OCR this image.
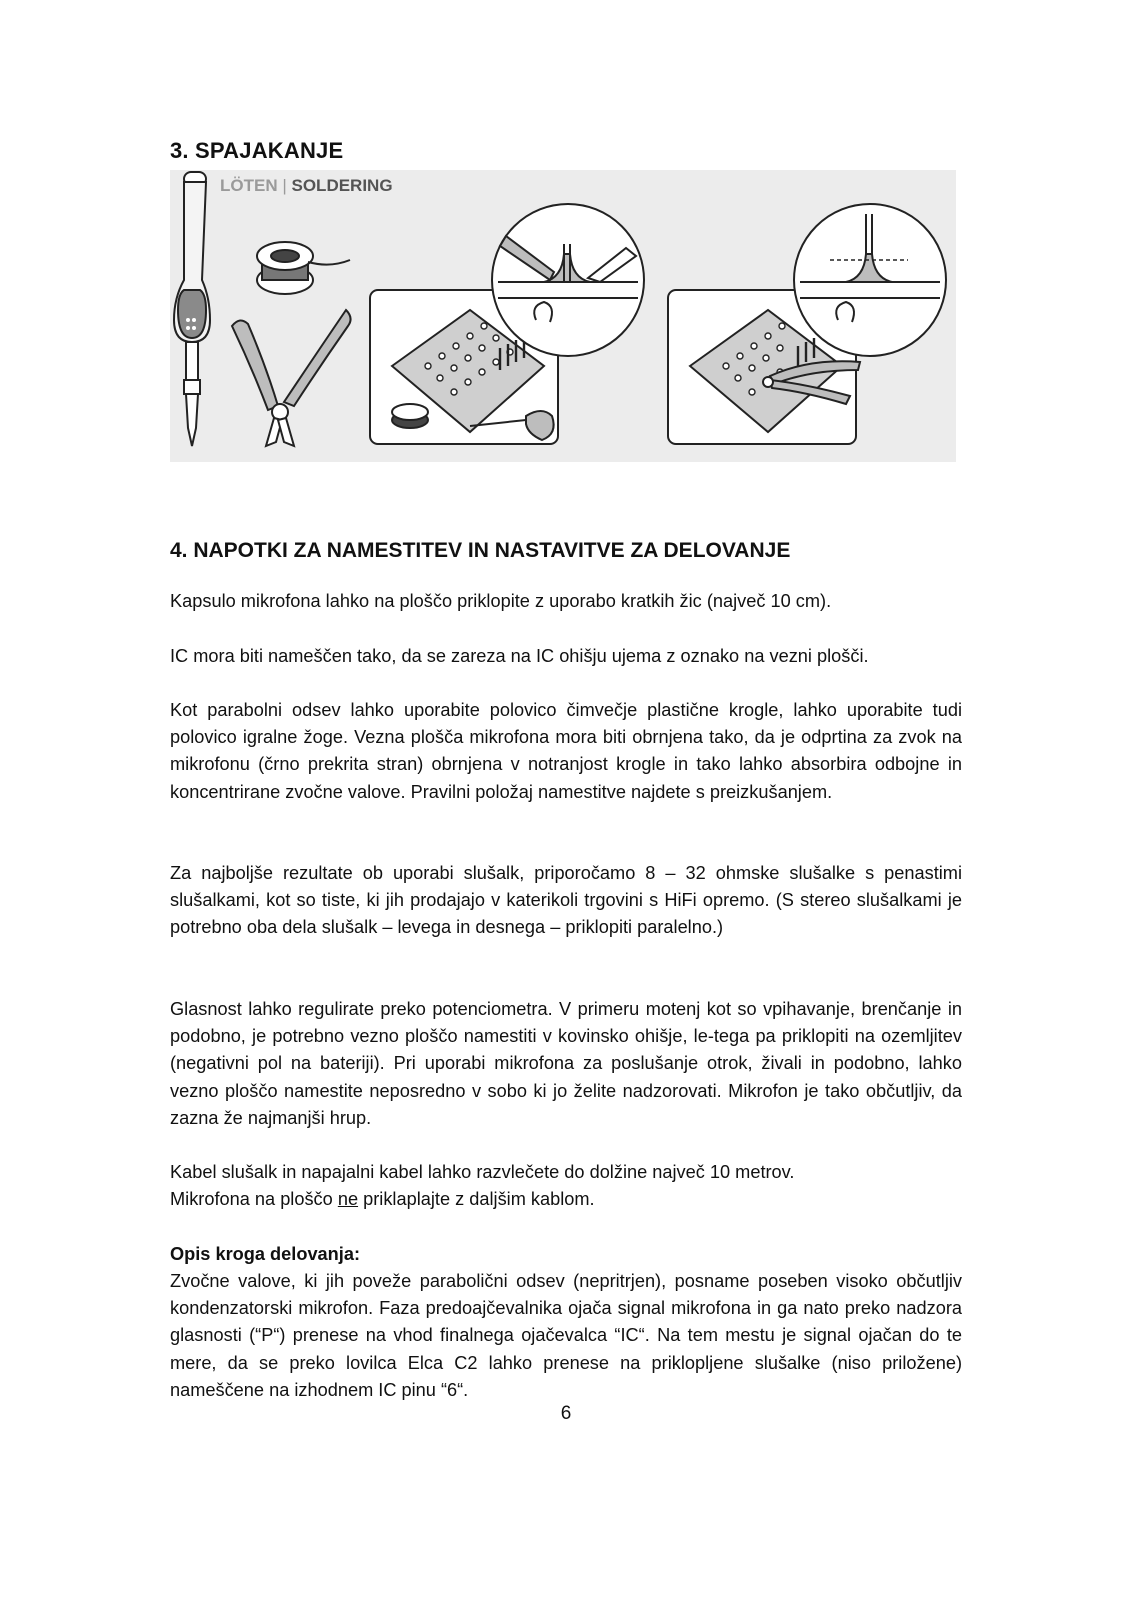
3. SPAJAKANJE
LÖTEN | SOLDERING
4. NAPOTKI ZA NAMESTITEV IN NASTAVITVE ZA DELOVANJE

Kapsulo mikrofona lahko na ploščo priklopite z uporabo kratkih žic (največ 10 cm).

IC mora biti nameščen tako, da se zareza na IC ohišju ujema z oznako na vezni plošči.

Kot parabolni odsev lahko uporabite polovico čimvečje plastične krogle, lahko uporabite tudi polovico igralne žoge. Vezna plošča mikrofona mora biti obrnjena tako, da je odprtina za zvok na mikrofonu (črno prekrita stran) obrnjena v notranjost krogle in tako lahko absorbira odbojne in koncentrirane zvočne valove. Pravilni položaj namestitve najdete s preizkušanjem.

Za najboljše rezultate ob uporabi slušalk, priporočamo 8 – 32 ohmske slušalke s penastimi slušalkami, kot so tiste, ki jih prodajajo v katerikoli trgovini s HiFi opremo. (S stereo slušalkami je potrebno oba dela slušalk – levega in desnega – priklopiti paralelno.)

Glasnost lahko regulirate preko potenciometra. V primeru motenj kot so vpihavanje, brenčanje in podobno, je potrebno vezno ploščo namestiti v kovinsko ohišje, le-tega pa priklopiti na ozemljitev (negativni pol na bateriji). Pri uporabi mikrofona za poslušanje otrok, živali in podobno, lahko vezno ploščo namestite neposredno v sobo ki jo želite nadzorovati. Mikrofon je tako občutljiv, da zazna že najmanjši hrup.

Kabel slušalk in napajalni kabel lahko razvlečete do dolžine največ 10 metrov.
Mikrofona na ploščo ne priklaplajte z daljšim kablom.

Opis kroga delovanja:

Zvočne valove, ki jih poveže parabolični odsev (nepritrjen), posname poseben visoko občutljiv kondenzatorski mikrofon. Faza predoajčevalnika ojača signal mikrofona in ga nato preko nadzora glasnosti (“P“) prenese na vhod finalnega ojačevalca “IC“. Na tem mestu je signal ojačan do te mere, da se preko lovilca Elca C2 lahko prenese na priklopljene slušalke (niso priložene) nameščene na izhodnem IC pinu “6“.

6
